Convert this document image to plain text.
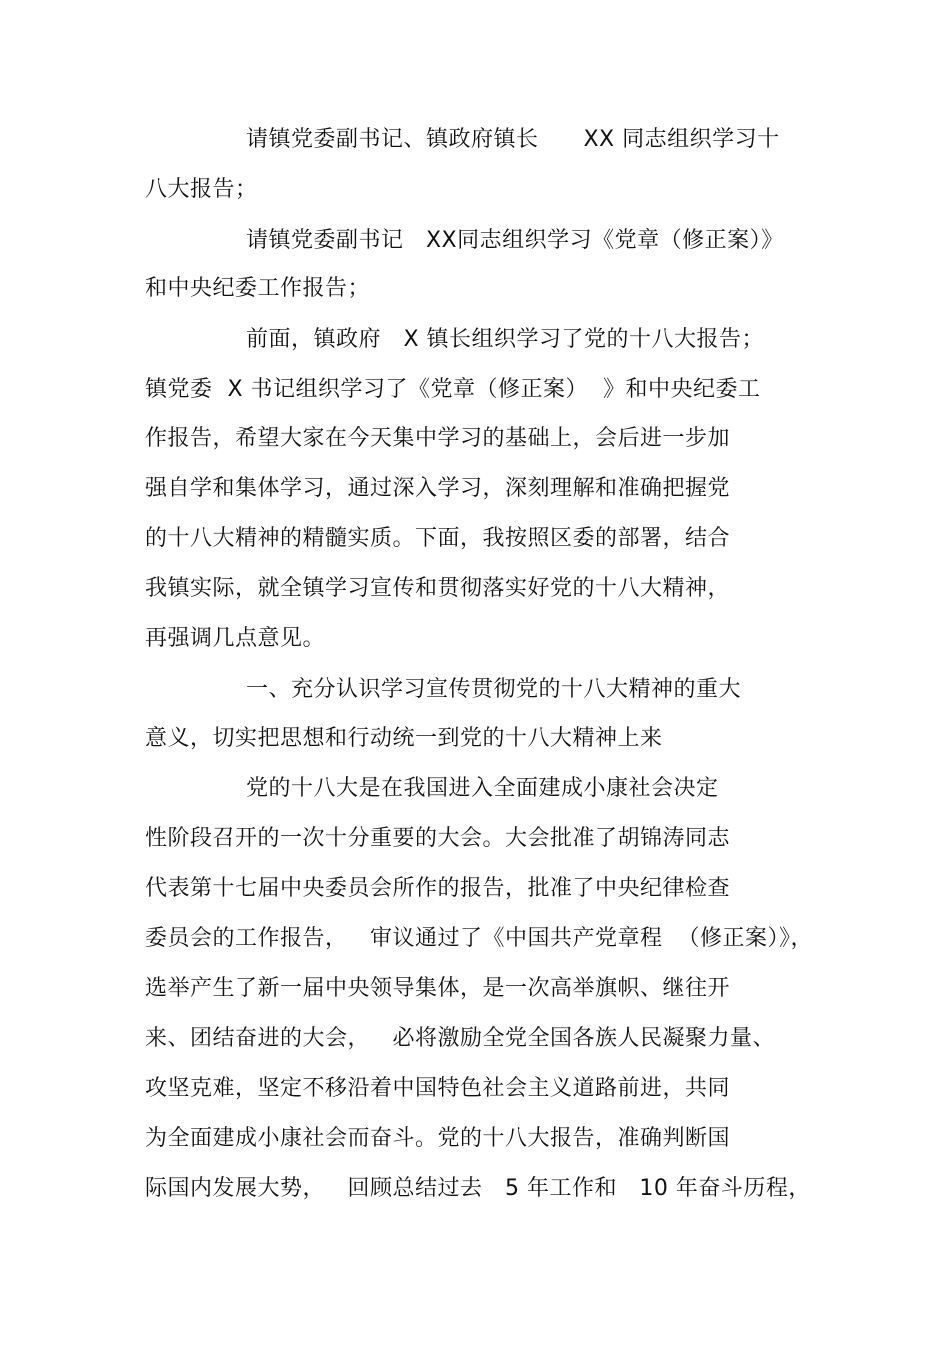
请镇党委副书记、镇政府镇长      XX 同志组织学习十
八大报告；
请镇党委副书记   XX同志组织学习《党章（修正案）》
和中央纪委工作报告；
前面，镇政府   X 镇长组织学习了党的十八大报告；
镇党委  X 书记组织学习了《党章（修正案）  》和中央纪委工
作报告，希望大家在今天集中学习的基础上，会后进一步加
强自学和集体学习，通过深入学习，深刻理解和准确把握党
的十八大精神的精髓实质。下面，我按照区委的部署，结合
我镇实际，就全镇学习宣传和贯彻落实好党的十八大精神，
再强调几点意见。
一、充分认识学习宣传贯彻党的十八大精神的重大
意义，切实把思想和行动统一到党的十八大精神上来
党的十八大是在我国进入全面建成小康社会决定
性阶段召开的一次十分重要的大会。大会批准了胡锦涛同志
代表第十七届中央委员会所作的报告，批准了中央纪律检查
委员会的工作报告，   审议通过了《中国共产党章程  （修正案）》，
选举产生了新一届中央领导集体，是一次高举旗帜、继往开
来、团结奋进的大会，   必将激励全党全国各族人民凝聚力量、
攻坚克难，坚定不移沿着中国特色社会主义道路前进，共同
为全面建成小康社会而奋斗。党的十八大报告，准确判断国
际国内发展大势，   回顾总结过去   5 年工作和   10 年奋斗历程，
